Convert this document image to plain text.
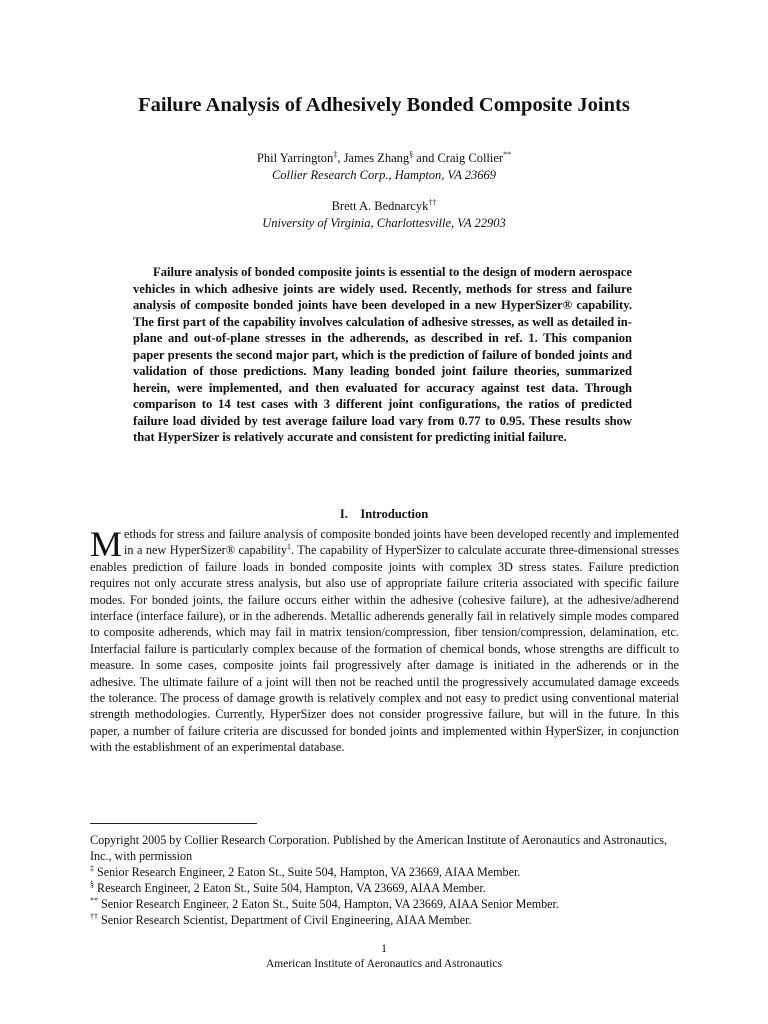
Failure Analysis of Adhesively Bonded Composite Joints
Phil Yarrington‡, James Zhang§ and Craig Collier**
Collier Research Corp., Hampton, VA 23669
Brett A. Bednarcyk††
University of Virginia, Charlottesville, VA 22903
Failure analysis of bonded composite joints is essential to the design of modern aerospace vehicles in which adhesive joints are widely used. Recently, methods for stress and failure analysis of composite bonded joints have been developed in a new HyperSizer® capability. The first part of the capability involves calculation of adhesive stresses, as well as detailed in-plane and out-of-plane stresses in the adherends, as described in ref. 1. This companion paper presents the second major part, which is the prediction of failure of bonded joints and validation of those predictions. Many leading bonded joint failure theories, summarized herein, were implemented, and then evaluated for accuracy against test data. Through comparison to 14 test cases with 3 different joint configurations, the ratios of predicted failure load divided by test average failure load vary from 0.77 to 0.95. These results show that HyperSizer is relatively accurate and consistent for predicting initial failure.
I. Introduction
Methods for stress and failure analysis of composite bonded joints have been developed recently and implemented in a new HyperSizer® capability$^1$. The capability of HyperSizer to calculate accurate three-dimensional stresses enables prediction of failure loads in bonded composite joints with complex 3D stress states. Failure prediction requires not only accurate stress analysis, but also use of appropriate failure criteria associated with specific failure modes. For bonded joints, the failure occurs either within the adhesive (cohesive failure), at the adhesive/adherend interface (interface failure), or in the adherends. Metallic adherends generally fail in relatively simple modes compared to composite adherends, which may fail in matrix tension/compression, fiber tension/compression, delamination, etc. Interfacial failure is particularly complex because of the formation of chemical bonds, whose strengths are difficult to measure. In some cases, composite joints fail progressively after damage is initiated in the adherends or in the adhesive. The ultimate failure of a joint will then not be reached until the progressively accumulated damage exceeds the tolerance. The process of damage growth is relatively complex and not easy to predict using conventional material strength methodologies. Currently, HyperSizer does not consider progressive failure, but will in the future. In this paper, a number of failure criteria are discussed for bonded joints and implemented within HyperSizer, in conjunction with the establishment of an experimental database.

Copyright 2005 by Collier Research Corporation. Published by the American Institute of Aeronautics and Astronautics, Inc., with permission

‡ Senior Research Engineer, 2 Eaton St., Suite 504, Hampton, VA 23669, AIAA Member.

§ Research Engineer, 2 Eaton St., Suite 504, Hampton, VA 23669, AIAA Member.

** Senior Research Engineer, 2 Eaton St., Suite 504, Hampton, VA 23669, AIAA Senior Member.

†† Senior Research Scientist, Department of Civil Engineering, AIAA Member.

1
American Institute of Aeronautics and Astronautics
